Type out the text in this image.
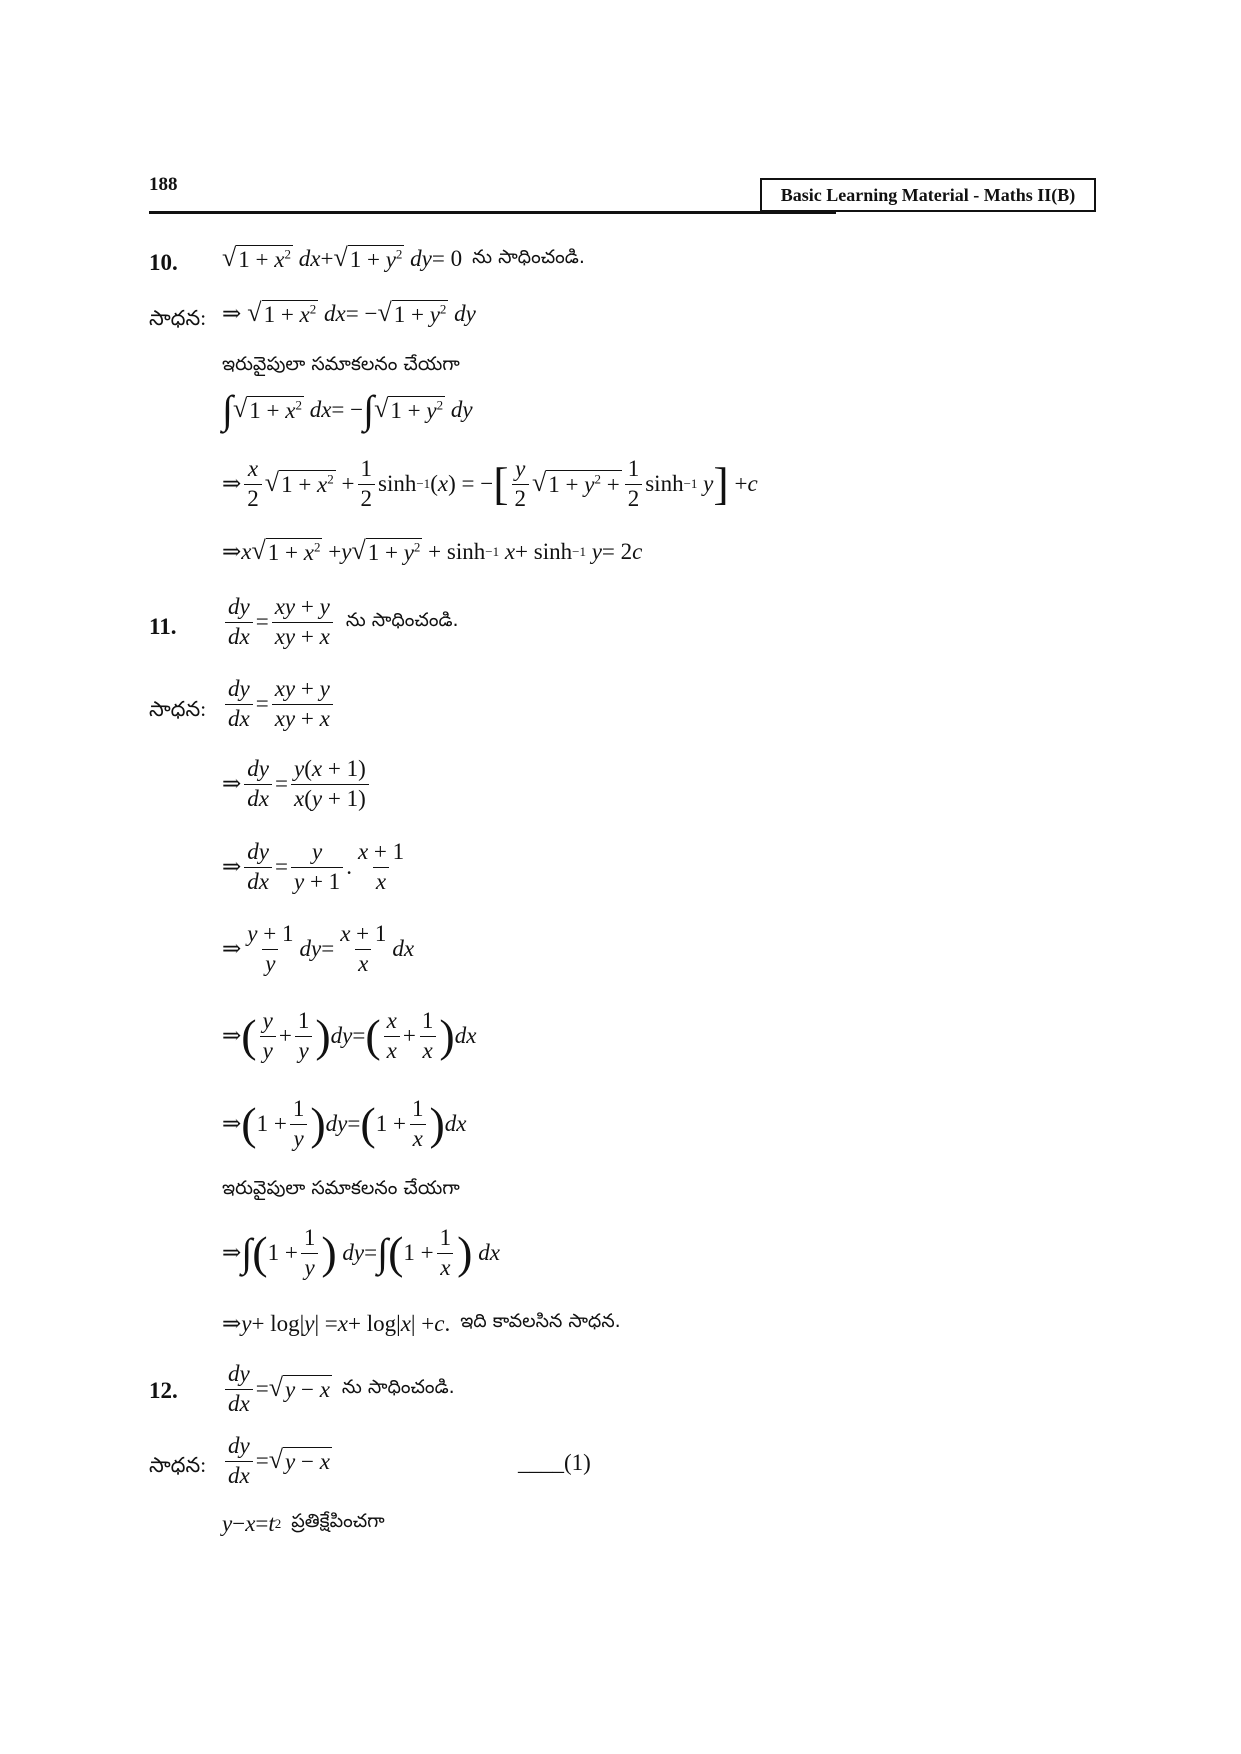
188	Basic Learning Material - Maths II(B)
10. √ $1 + x^2$
dx + √ $1 + y^2$
dy = 0 ను సాధించండి.
సాధన: ⇒ √ $1 + x^2$
dx = − √ $1 + y^2$
dy
ఇరువైపులా సమాకలనం చేయగా
∫ √ $1 + x^2$
dx = − ∫ √ $1 + y^2$
dy
⇒ $\frac{x}{2}$ √ $1 + x^2 + \frac{1}{2}$ sinh −1 ( x ) = − [ $\frac{y}{2}$ √ $1 + y^2 + \frac{1}{2}$ sinh −1
y ] + c
⇒ x √ $1 + x^2 + y$ √ $1 + y^2 + \sinh -1$
x + sinh −1
y = 2 c
11. $\frac{dy}{dx} = \frac{xy + y}{xy + x}$ ను సాధించండి.
సాధన: $\frac{dy}{dx} = \frac{xy + y}{xy + x}$
⇒ $\frac{dy}{dx} = \frac{y(x + 1)}{x(y + 1)}$
⇒ $\frac{dy}{dx} = \frac{y}{y + 1}$ . $\frac{x + 1}{x}$
⇒ $\frac{y + 1}{y}$ dy = $\frac{x + 1}{x}$ dx
⇒ ( $\frac{y}{y} + \frac{1}{y}$ ) dy = ( $\frac{x}{x} + \frac{1}{x}$ ) dx
⇒ ( $1 + \frac{1}{y}$ ) dy = ( $1 + \frac{1}{x}$ ) dx
ఇరువైపులా సమాకలనం చేయగా
⇒ ∫ ( $1 + \frac{1}{y}$ )
dy = ∫ ( $1 + \frac{1}{x}$ )
dx
⇒ y + log| y | = x + log| x | + c . ఇది కావలసిన సాధన.
12. $\frac{dy}{dx}$ = √ y − x ను సాధించండి.
సాధన: $\frac{dy}{dx}$ = √ y − x	____(1)
y − x = t 2 ప్రతిక్షేపించగా
